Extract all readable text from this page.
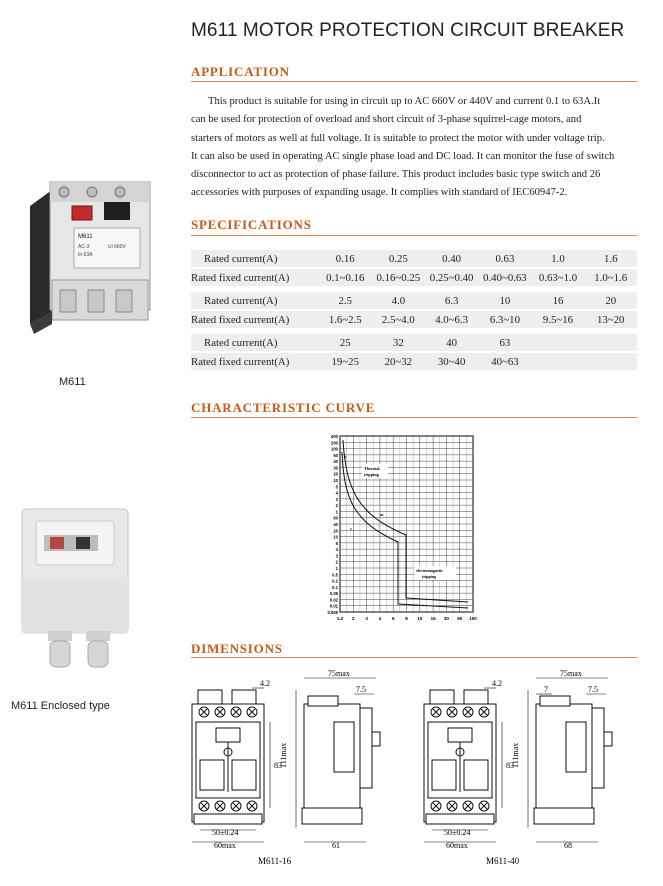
M611 MOTOR PROTECTION CIRCUIT BREAKER
APPLICATION
SPECIFICATIONS
CHARACTERISTIC CURVE
DIMENSIONS
This product is suitable for using in circuit up to AC 660V or 440V and current 0.1 to 63A.It
can be used for protection of overload and short circuit of 3-phase squirrel-cage motors, and
starters of motors as well at full voltage. It is suitable to protect the motor with under voltage trip.
It can also be used in operating AC single phase load and DC load. It can monitor the fuse of switch
disconnector to act as protection of phase failure. This product includes basic type switch and 26
accessories with purposes of expanding usage. It complies with standard of IEC60947-2.
M611
AC-3
In 63A
Ui 660V
M611
M611 Enclosed type
Rated current(A)	0.16	0.25	0.40	0.63	1.0	1.6
Rated fixed current(A)	0.1~0.16	0.16~0.25	0.25~0.40	0.40~0.63	0.63~1.0	1.0~1.6

Rated current(A)	2.5	4.0	6.3	10	16	20
Rated fixed current(A)	1.6~2.5	2.5~4.0	4.0~6.3	6.3~10	9.5~16	13~20

Rated current(A)	25	32	40	63		
Rated fixed current(A)	19~25	20~32	30~40	40~63		
400
200
100
50
40
30
20
10
5
4
3
2
1
60
40
20
10
5
4
3
2
1
0.5
0.2
0.1
0.05
0.02
0.01
0.005
1.2 2 3 4 6 8 10 15 30 60 100
Thermal
tripping
electromagnetic
tripping
m
s
h
83
50±0.24
60max
4.2
111max
75max
7.5
61
M611-16
83
50±0.24
60max
4.2
111max
75max
7.5
7
68
M611-40
